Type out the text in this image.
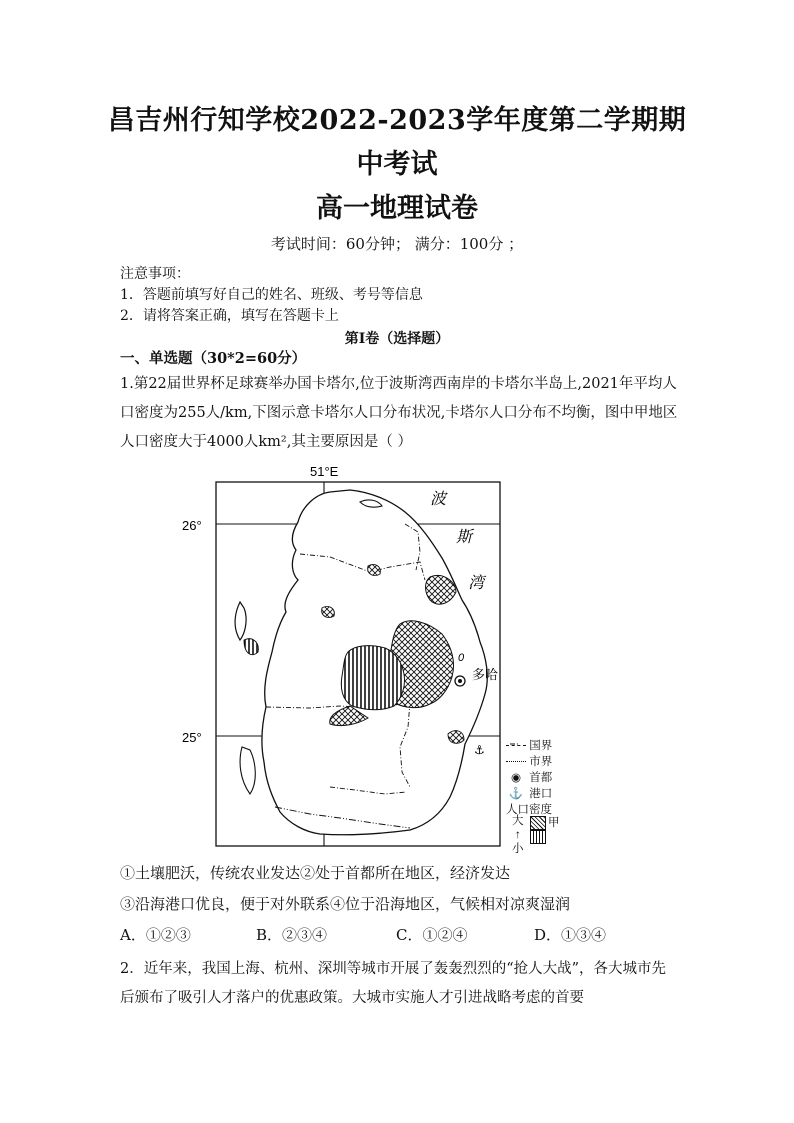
昌吉州行知学校2022-2023学年度第二学期期
中考试
高一地理试卷
考试时间：60分钟； 满分：100分 ；
注意事项：
1．答题前填写好自己的姓名、班级、考号等信息
2．请将答案正确，填写在答题卡上
第Ⅰ卷（选择题）
一、单选题（30*2=60分）
1.第22届世界杯足球赛举办国卡塔尔,位于波斯湾西南岸的卡塔尔半岛上,2021年平均人口密度为255人/km,下图示意卡塔尔人口分布状况,卡塔尔人口分布不均衡，图中甲地区人口密度大于4000人km²,其主要原因是（ ）
51°E
26°
25°
0
多哈
⚓
波
斯
湾
国界
市界
◉ 首都
⚓ 港口
人口密度
大
↑
小
甲
①土壤肥沃，传统农业发达②处于首都所在地区，经济发达
③沿海港口优良，便于对外联系④位于沿海地区，气候相对凉爽湿润
A．①②③	B．②③④	C．①②④	D．①③④
2．近年来，我国上海、杭州、深圳等城市开展了轰轰烈烈的“抢人大战”，各大城市先后颁布了吸引人才落户的优惠政策。大城市实施人才引进战略考虑的首要
